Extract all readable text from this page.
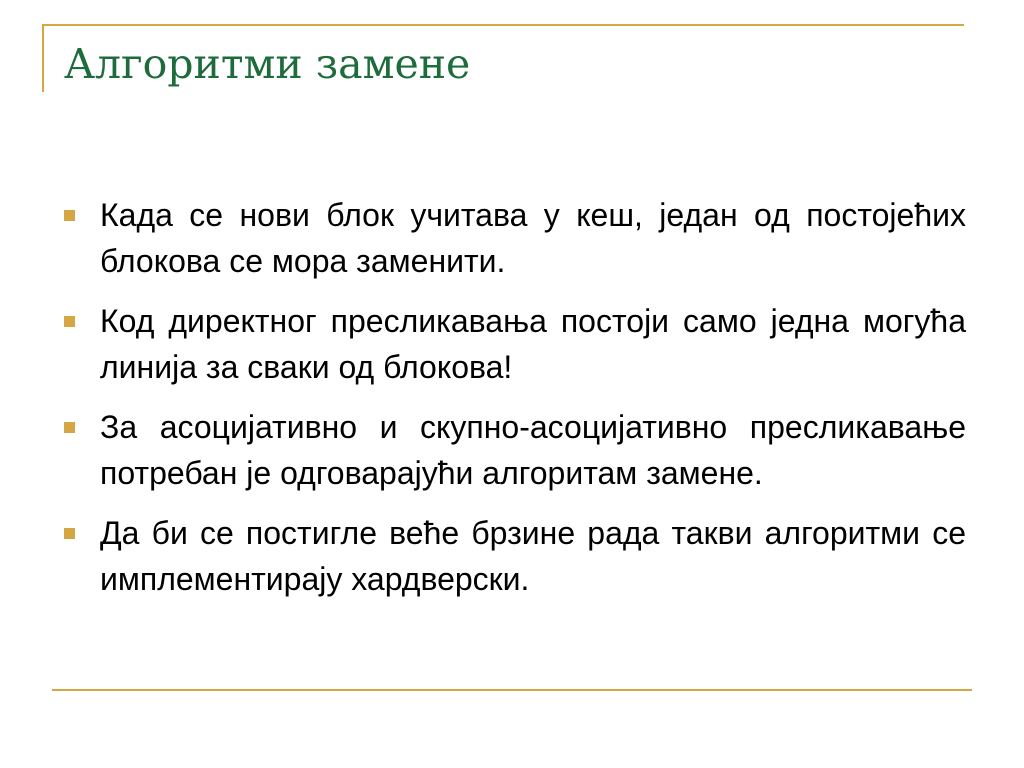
Алгоритми замене
Када се нови блок учитава у кеш, један од постојећих блокова се мора заменити.
Код директног пресликавања постоји само једна могућа линија за сваки од блокова!
За асоцијативно и скупно-асоцијативно пресликавање потребан је одговарајући алгоритам замене.
Да би се постигле веће брзине рада такви алгоритми се имплементирају хардверски.
